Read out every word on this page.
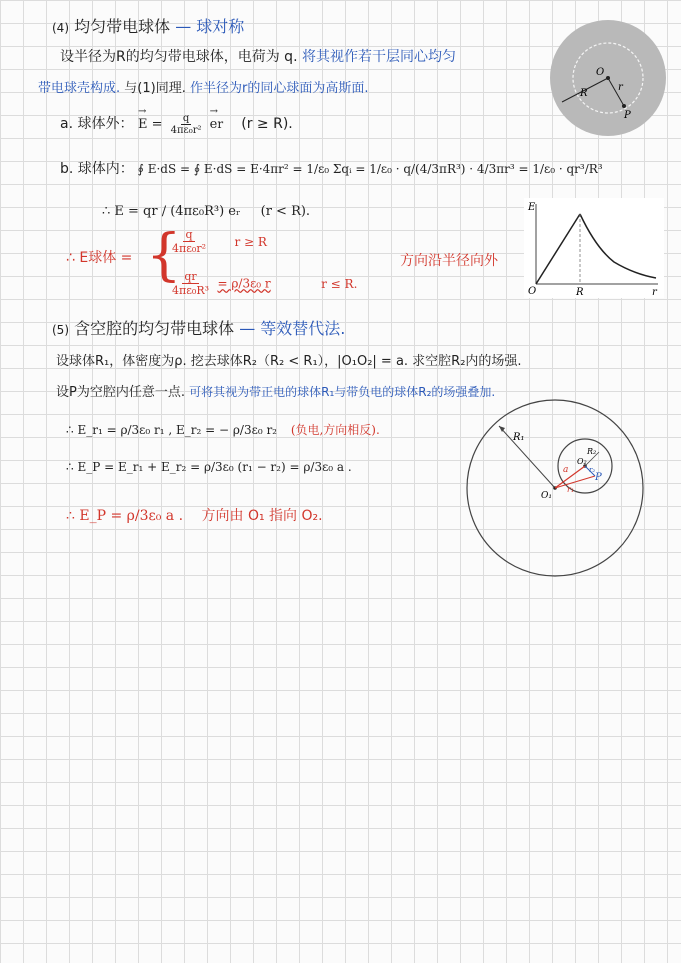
(4) 均匀带电球体 — 球对称
设半径为R的均匀带电球体，电荷为 q. 将其视作若干层同心均匀
带电球壳构成. 与(1)同理. 作半径为r的同心球面为高斯面.
O
r
R
P
a. 球体外： → $E = \frac{q}{\text{4πε₀r²}}$ → er (r ≥ R).
b. 球体内： ∮ E·dS = ∮ E·dS = E·4πr² = 1/ε₀ Σqᵢ = 1/ε₀ · q/(4/3πR³) · 4/3πr³ = 1/ε₀ · qr³/R³
∴ E = qr / (4πε₀R³) eᵣ (r < R).	E
O	R	r
∴ E球体 = {
$\frac{q}{\text{4πε₀r²}}$ r ≥ R
$\frac{qr}{\text{4πε₀R³}} = \rho/3\varepsilon_0$ r	r ≤ R.
方向沿半径向外
(5) 含空腔的均匀带电球体 — 等效替代法.
设球体R₁，体密度为ρ. 挖去球体R₂（R₂ < R₁），|O₁O₂| = a. 求空腔R₂内的场强.
设P为空腔内任意一点. 可将其视为带正电的球体R₁与带负电的球体R₂的场强叠加.
∴ E_r₁ = ρ/3ε₀ r₁ , E_r₂ = − ρ/3ε₀ r₂ (负电,方向相反).
∴ E_P = E_r₁ + E_r₂ = ρ/3ε₀ (r₁ − r₂) = ρ/3ε₀ a .
∴ E_P = ρ/3ε₀ a . 方向由 O₁ 指向 O₂.
R₁
R₂
O₁
O₂
a
r₁
r₂
P
